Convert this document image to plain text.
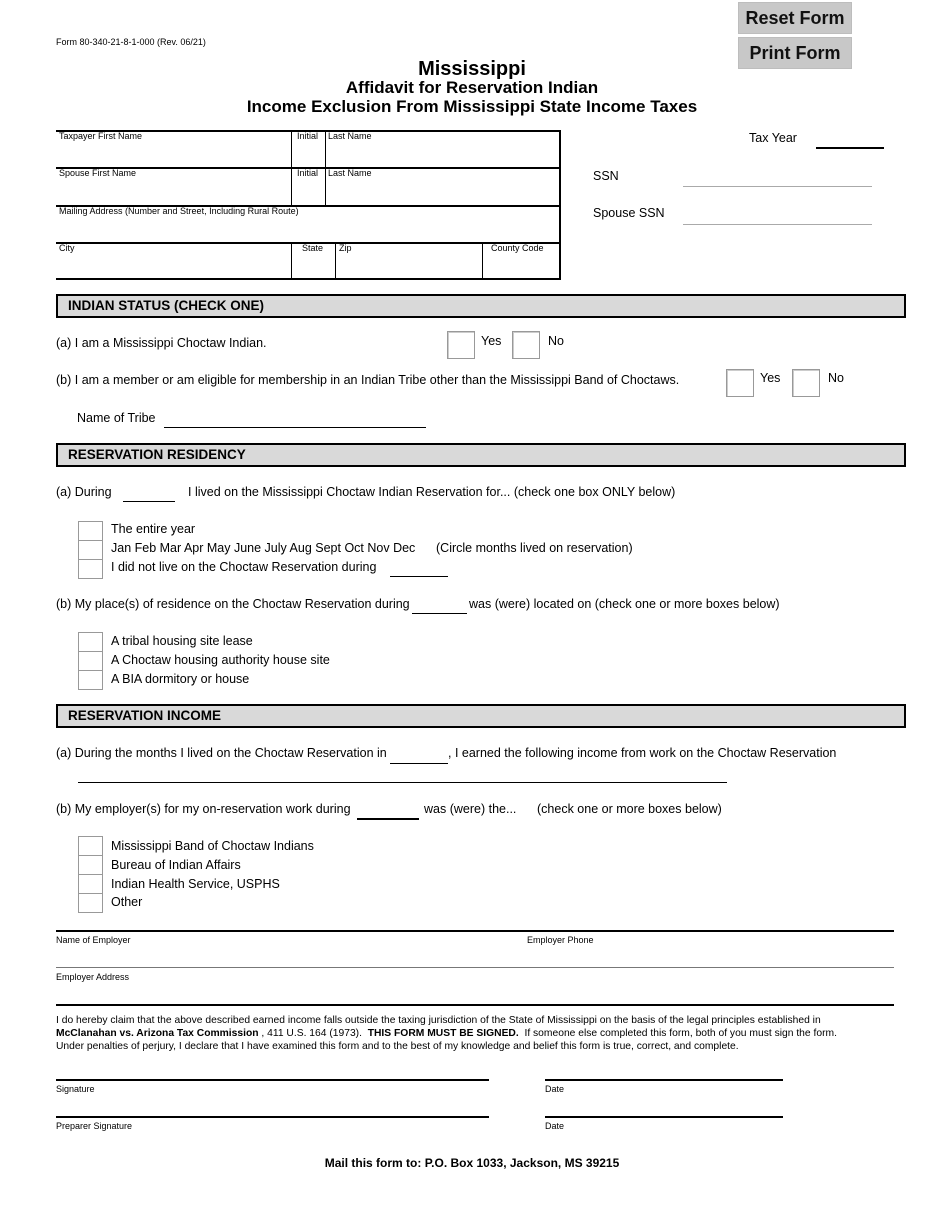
Reset Form
Print Form
Form 80-340-21-8-1-000 (Rev. 06/21)
Mississippi
Affidavit for Reservation Indian
Income Exclusion From Mississippi State Income Taxes
Taxpayer First Name	Initial Last Name
Spouse First Name	Initial Last Name
Mailing Address (Number and Street, Including Rural Route)
City	State Zip	County Code
Tax Year
SSN
Spouse SSN
INDIAN STATUS (CHECK ONE)
(a) I am a Mississippi Choctaw Indian.	Yes	No
(b) I am a member or am eligible for membership in an Indian Tribe other than the Mississippi Band of Choctaws.	Yes	No
Name of Tribe
RESERVATION RESIDENCY
(a) During	I lived on the Mississippi Choctaw Indian Reservation for... (check one box ONLY below)
The entire year
Jan Feb Mar Apr May June July Aug Sept Oct Nov Dec (Circle months lived on reservation)
I did not live on the Choctaw Reservation during
(b) My place(s) of residence on the Choctaw Reservation during	was (were) located on (check one or more boxes below)
A tribal housing site lease
A Choctaw housing authority house site
A BIA dormitory or house
RESERVATION INCOME
(a) During the months I lived on the Choctaw Reservation in	, I earned the following income from work on the Choctaw Reservation
(b) My employer(s) for my on-reservation work during	was (were) the... (check one or more boxes below)
Mississippi Band of Choctaw Indians
Bureau of Indian Affairs
Indian Health Service, USPHS
Other
Name of Employer	Employer Phone
Employer Address
I do hereby claim that the above described earned income falls outside the taxing jurisdiction of the State of Mississippi on the basis of the legal principles established in
McClanahan vs. Arizona Tax Commission , 411 U.S. 164 (1973).  THIS FORM MUST BE SIGNED.  If someone else completed this form, both of you must sign the form.
Under penalties of perjury, I declare that I have examined this form and to the best of my knowledge and belief this form is true, correct, and complete.
Signature	Date
Preparer Signature	Date
Mail this form to: P.O. Box 1033, Jackson, MS 39215
